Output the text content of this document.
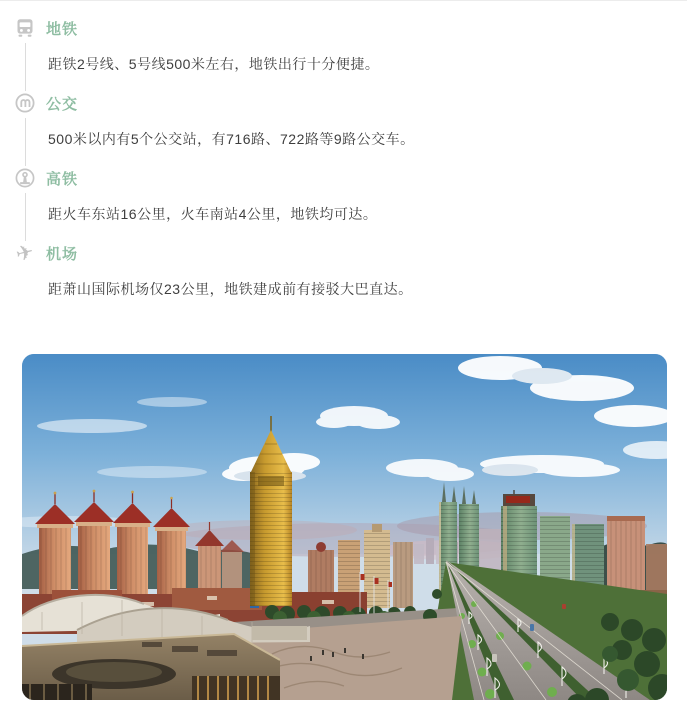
地铁

距铁2号线、5号线500米左右，地铁出行十分便捷。

公交

500米以内有5个公交站，有716路、722路等9路公交车。

高铁

距火车东站16公里，火车南站4公里，地铁均可达。

✈ 机场

距萧山国际机场仅23公里，地铁建成前有接驳大巴直达。
